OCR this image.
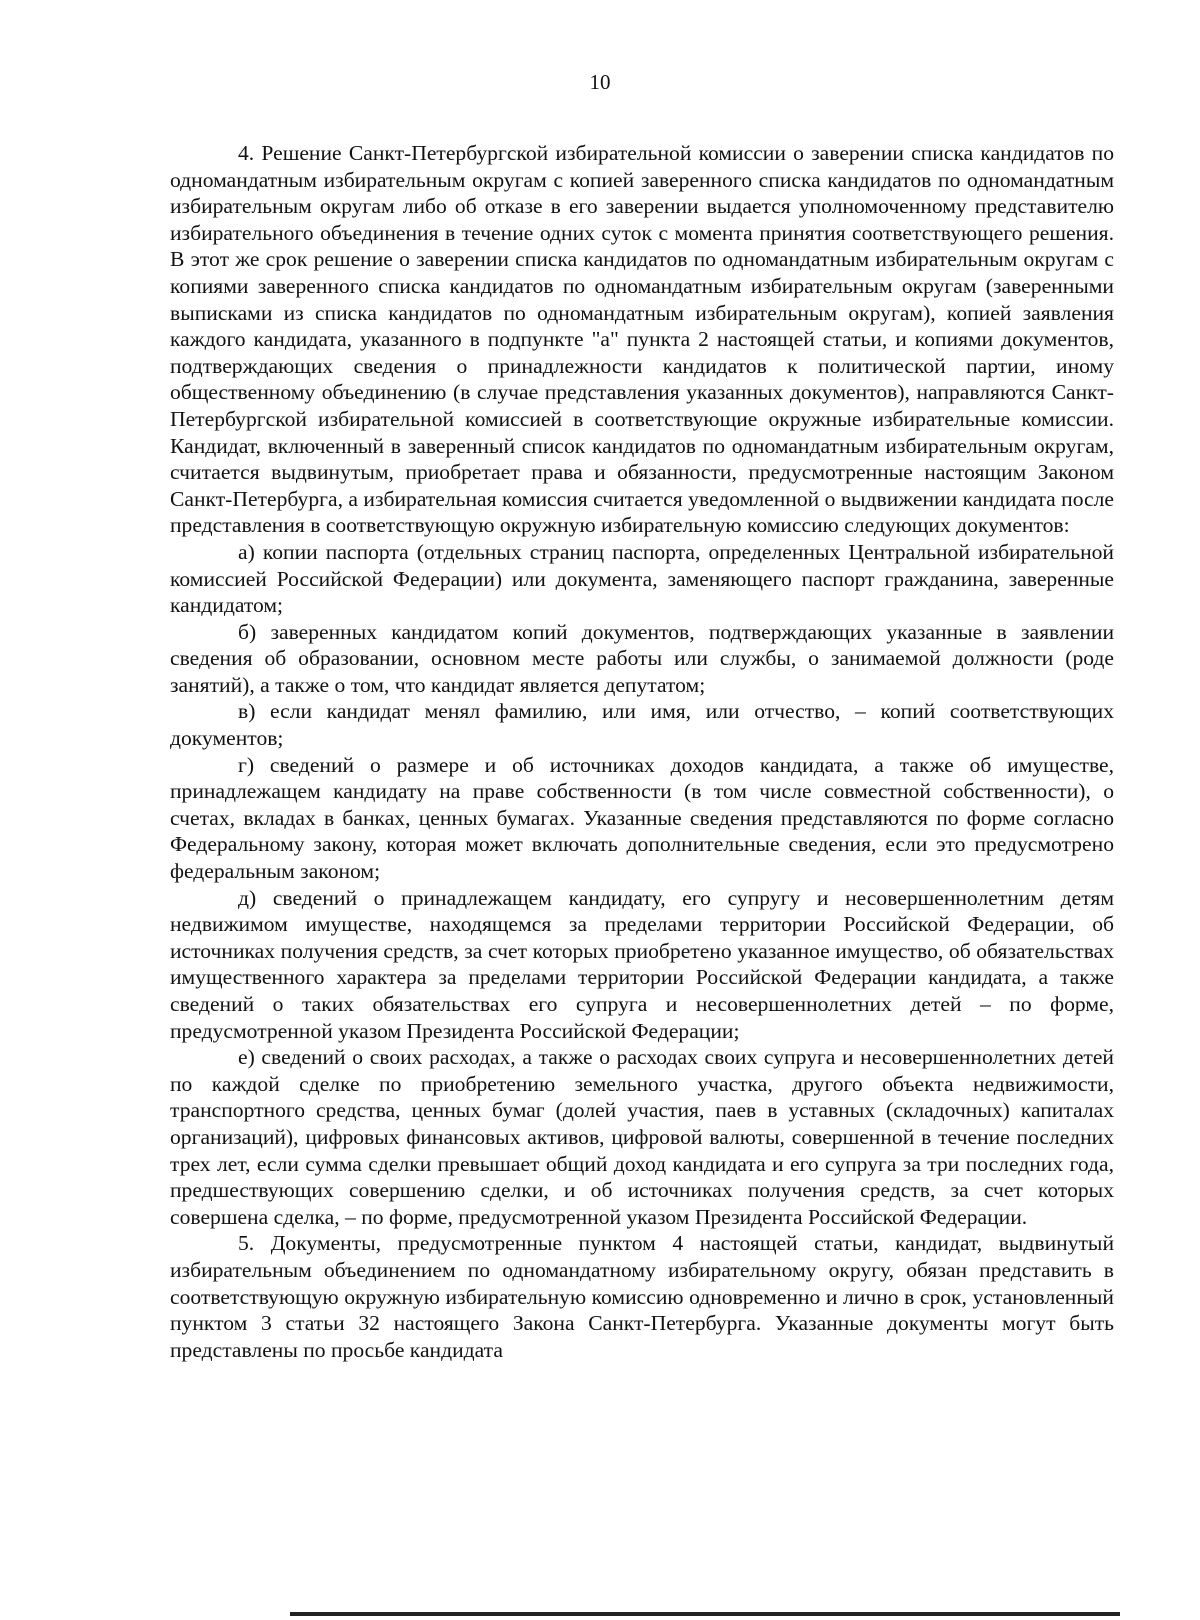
10

4. Решение Санкт-Петербургской избирательной комиссии о заверении списка кандидатов по одномандатным избирательным округам с копией заверенного списка кандидатов по одномандатным избирательным округам либо об отказе в его заверении выдается уполномоченному представителю избирательного объединения в течение одних суток с момента принятия соответствующего решения. В этот же срок решение о заверении списка кандидатов по одномандатным избирательным округам с копиями заверенного списка кандидатов по одномандатным избирательным округам (заверенными выписками из списка кандидатов по одномандатным избирательным округам), копией заявления каждого кандидата, указанного в подпункте "а" пункта 2 настоящей статьи, и копиями документов, подтверждающих сведения о принадлежности кандидатов к политической партии, иному общественному объединению (в случае представления указанных документов), направляются Санкт-Петербургской избирательной комиссией в соответствующие окружные избирательные комиссии. Кандидат, включенный в заверенный список кандидатов по одномандатным избирательным округам, считается выдвинутым, приобретает права и обязанности, предусмотренные настоящим Законом Санкт-Петербурга, а избирательная комиссия считается уведомленной о выдвижении кандидата после представления в соответствующую окружную избирательную комиссию следующих документов:

а) копии паспорта (отдельных страниц паспорта, определенных Центральной избирательной комиссией Российской Федерации) или документа, заменяющего паспорт гражданина, заверенные кандидатом;

б) заверенных кандидатом копий документов, подтверждающих указанные в заявлении сведения об образовании, основном месте работы или службы, о занимаемой должности (роде занятий), а также о том, что кандидат является депутатом;

в) если кандидат менял фамилию, или имя, или отчество, – копий соответствующих документов;

г) сведений о размере и об источниках доходов кандидата, а также об имуществе, принадлежащем кандидату на праве собственности (в том числе совместной собственности), о счетах, вкладах в банках, ценных бумагах. Указанные сведения представляются по форме согласно Федеральному закону, которая может включать дополнительные сведения, если это предусмотрено федеральным законом;

д) сведений о принадлежащем кандидату, его супругу и несовершеннолетним детям недвижимом имуществе, находящемся за пределами территории Российской Федерации, об источниках получения средств, за счет которых приобретено указанное имущество, об обязательствах имущественного характера за пределами территории Российской Федерации кандидата, а также сведений о таких обязательствах его супруга и несовершеннолетних детей – по форме, предусмотренной указом Президента Российской Федерации;

е) сведений о своих расходах, а также о расходах своих супруга и несовершеннолетних детей по каждой сделке по приобретению земельного участка, другого объекта недвижимости, транспортного средства, ценных бумаг (долей участия, паев в уставных (складочных) капиталах организаций), цифровых финансовых активов, цифровой валюты, совершенной в течение последних трех лет, если сумма сделки превышает общий доход кандидата и его супруга за три последних года, предшествующих совершению сделки, и об источниках получения средств, за счет которых совершена сделка, – по форме, предусмотренной указом Президента Российской Федерации.

5. Документы, предусмотренные пунктом 4 настоящей статьи, кандидат, выдвинутый избирательным объединением по одномандатному избирательному округу, обязан представить в соответствующую окружную избирательную комиссию одновременно и лично в срок, установленный пунктом 3 статьи 32 настоящего Закона Санкт-Петербурга. Указанные документы могут быть представлены по просьбе кандидата
